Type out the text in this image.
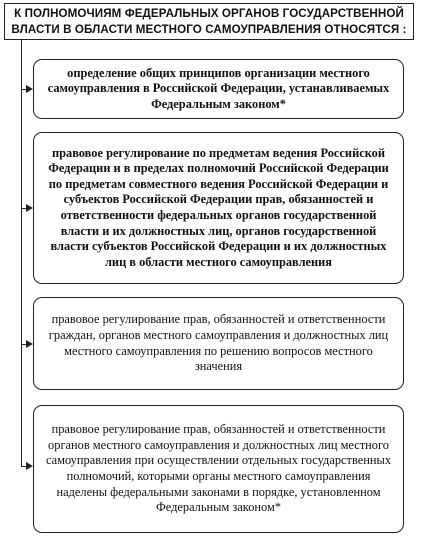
К ПОЛНОМОЧИЯМ ФЕДЕРАЛЬНЫХ ОРГАНОВ ГОСУДАРСТВЕННОЙ ВЛАСТИ В ОБЛАСТИ МЕСТНОГО САМОУПРАВЛЕНИЯ ОТНОСЯТСЯ :
определение общих принципов организации местного самоуправления в Российской Федерации, устанавливаемых Федеральным законом*
правовое регулирование по предметам ведения Российской Федерации и в пределах полномочий Российской Федерации по предметам совместного ведения Российской Федерации и субъектов Российской Федерации прав, обязанностей и ответственности федеральных органов государственной власти и их должностных лиц, органов государственной власти субъектов Российской Федерации и их должностных лиц в области местного самоуправления
правовое регулирование прав, обязанностей и ответственности граждан, органов местного самоуправления и должностных лиц местного самоуправления по решению вопросов местного значения
правовое регулирование прав, обязанностей и ответственности органов местного самоуправления и должностных лиц местного самоуправления при осуществлении отдельных государственных полномочий, которыми органы местного самоуправления наделены федеральными законами в порядке, установленном Федеральным законом*
